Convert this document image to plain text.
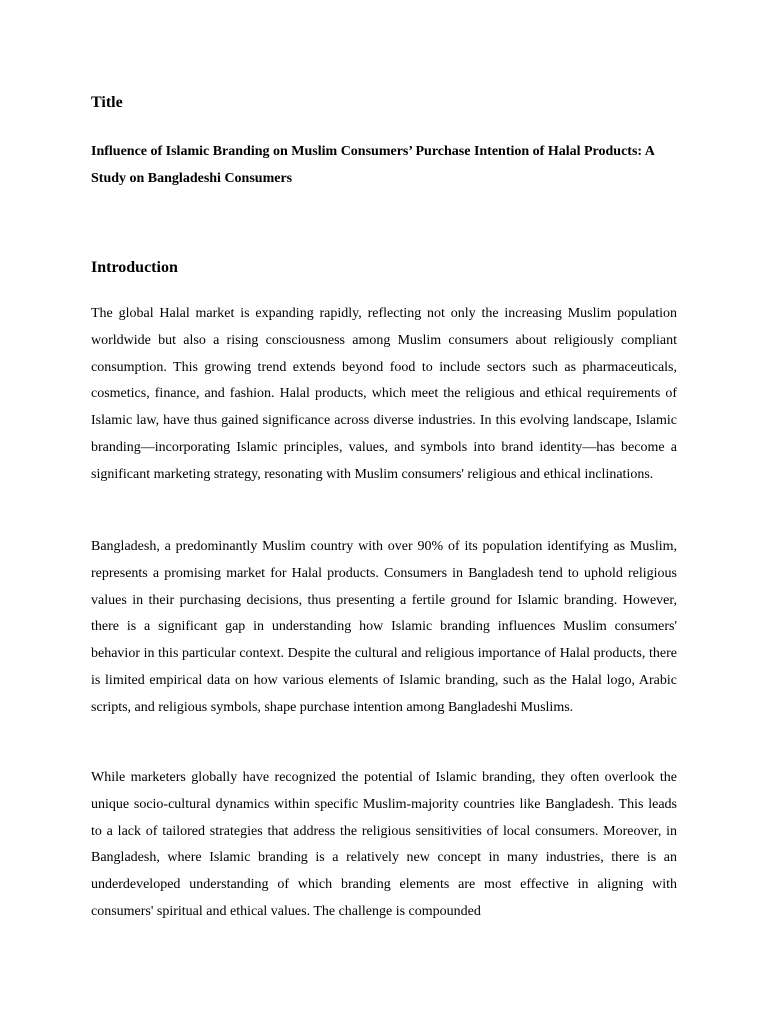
Title
Influence of Islamic Branding on Muslim Consumers’ Purchase Intention of Halal Products: A Study on Bangladeshi Consumers
Introduction

The global Halal market is expanding rapidly, reflecting not only the increasing Muslim population worldwide but also a rising consciousness among Muslim consumers about religiously compliant consumption. This growing trend extends beyond food to include sectors such as pharmaceuticals, cosmetics, finance, and fashion. Halal products, which meet the religious and ethical requirements of Islamic law, have thus gained significance across diverse industries. In this evolving landscape, Islamic branding—incorporating Islamic principles, values, and symbols into brand identity—has become a significant marketing strategy, resonating with Muslim consumers' religious and ethical inclinations.

Bangladesh, a predominantly Muslim country with over 90% of its population identifying as Muslim, represents a promising market for Halal products. Consumers in Bangladesh tend to uphold religious values in their purchasing decisions, thus presenting a fertile ground for Islamic branding. However, there is a significant gap in understanding how Islamic branding influences Muslim consumers' behavior in this particular context. Despite the cultural and religious importance of Halal products, there is limited empirical data on how various elements of Islamic branding, such as the Halal logo, Arabic scripts, and religious symbols, shape purchase intention among Bangladeshi Muslims.

While marketers globally have recognized the potential of Islamic branding, they often overlook the unique socio-cultural dynamics within specific Muslim-majority countries like Bangladesh. This leads to a lack of tailored strategies that address the religious sensitivities of local consumers. Moreover, in Bangladesh, where Islamic branding is a relatively new concept in many industries, there is an underdeveloped understanding of which branding elements are most effective in aligning with consumers' spiritual and ethical values. The challenge is compounded
